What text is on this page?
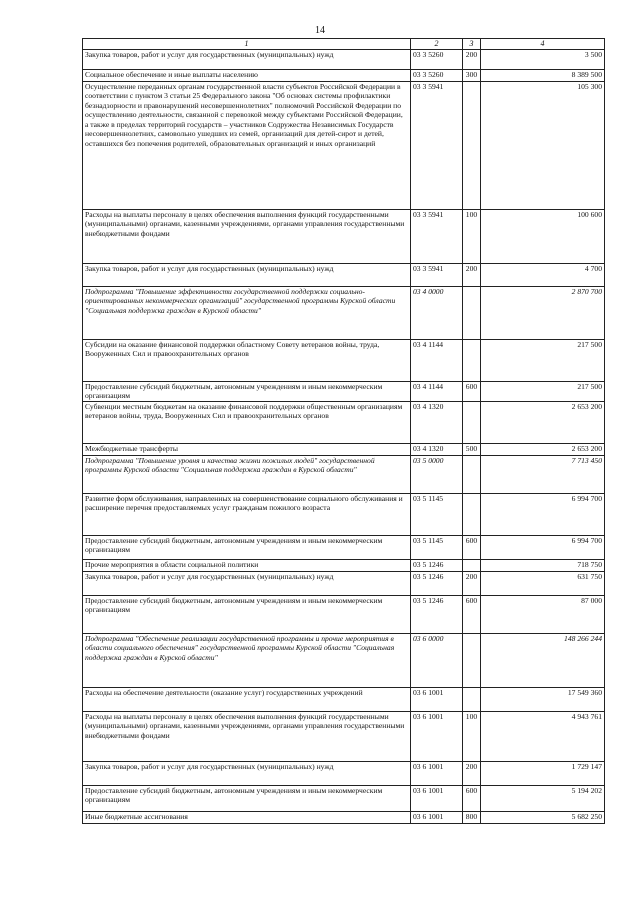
14
1	2	3	4
Закупка товаров, работ и услуг для государственных (муниципальных) нужд	03 3 5260	200	3 500
Социальное обеспечение и иные выплаты населению	03 3 5260	300	8 389 500
Осуществление переданных органам государственной власти субъектов Российской Федерации в соответствии с пунктом 3 статьи 25 Федерального закона "Об основах системы профилактики безнадзорности и правонарушений несовершеннолетних" полномочий Российской Федерации по осуществлению деятельности, связанной с перевозкой между субъектами Российской Федерации, а также в пределах территорий государств – участников Содружества Независимых Государств несовершеннолетних, самовольно ушедших из семей, организаций для детей-сирот и детей, оставшихся без попечения родителей, образовательных организаций и иных организаций	03 3 5941		105 300
Расходы на выплаты персоналу в целях обеспечения выполнения функций государственными (муниципальными) органами, казенными учреждениями, органами управления государственными внебюджетными фондами	03 3 5941	100	100 600
Закупка товаров, работ и услуг для государственных (муниципальных) нужд	03 3 5941	200	4 700
Подпрограмма "Повышение эффективности государственной поддержки социально-ориентированных некоммерческих организаций" государственной программы Курской области "Социальная поддержка граждан в Курской области"	03 4 0000		2 870 700
Субсидии на оказание финансовой поддержки областному Совету ветеранов войны, труда, Вооруженных Сил и правоохранительных органов	03 4 1144		217 500
Предоставление субсидий бюджетным, автономным учреждениям и иным некоммерческим организациям	03 4 1144	600	217 500
Субвенции местным бюджетам на оказание финансовой поддержки общественным организациям ветеранов войны, труда, Вооруженных Сил и правоохранительных органов	03 4 1320		2 653 200
Межбюджетные трансферты	03 4 1320	500	2 653 200
Подпрограмма "Повышение уровня и качества жизни пожилых людей" государственной программы Курской области "Социальная поддержка граждан в Курской области"	03 5 0000		7 713 450
Развитие форм обслуживания, направленных на совершенствование социального обслуживания и расширение перечня предоставляемых услуг гражданам пожилого возраста	03 5 1145		6 994 700
Предоставление субсидий бюджетным, автономным учреждениям и иным некоммерческим организациям	03 5 1145	600	6 994 700
Прочие мероприятия в области социальной политики	03 5 1246		718 750
Закупка товаров, работ и услуг для государственных (муниципальных) нужд	03 5 1246	200	631 750
Предоставление субсидий бюджетным, автономным учреждениям и иным некоммерческим организациям	03 5 1246	600	87 000
Подпрограмма "Обеспечение реализации государственной программы и прочие мероприятия в области социального обеспечения" государственной программы Курской области "Социальная поддержка граждан в Курской области"	03 6 0000		148 266 244
Расходы на обеспечение деятельности (оказание услуг) государственных учреждений	03 6 1001		17 549 360
Расходы на выплаты персоналу в целях обеспечения выполнения функций государственными (муниципальными) органами, казенными учреждениями, органами управления государственными внебюджетными фондами	03 6 1001	100	4 943 761
Закупка товаров, работ и услуг для государственных (муниципальных) нужд	03 6 1001	200	1 729 147
Предоставление субсидий бюджетным, автономным учреждениям и иным некоммерческим организациям	03 6 1001	600	5 194 202
Иные бюджетные ассигнования	03 6 1001	800	5 682 250
